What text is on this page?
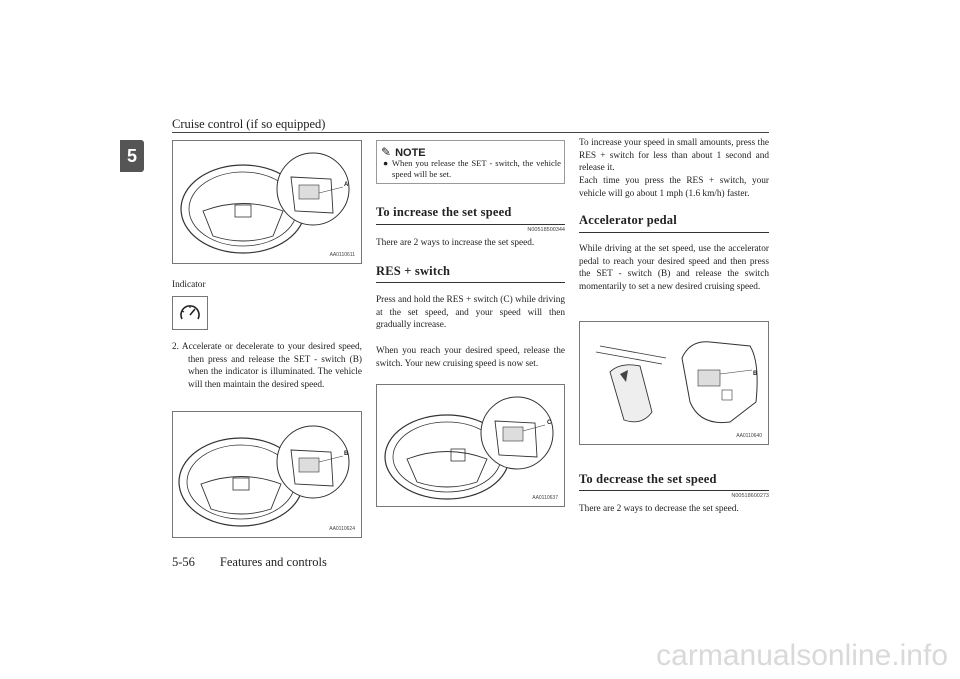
Cruise control (if so equipped)
5
A
AA0110611
Indicator
2. Accelerate or decelerate to your desired speed, then press and release the SET - switch (B) when the indicator is illuminated. The vehicle will then maintain the desired speed.
B
AA0110624
✎ NOTE
● When you release the SET - switch, the vehicle speed will be set.
To increase the set speed
N00518500344
There are 2 ways to increase the set speed.
RES + switch
Press and hold the RES + switch (C) while driving at the set speed, and your speed will then gradually increase.
When you reach your desired speed, release the switch. Your new cruising speed is now set.
C
AA0110637
To increase your speed in small amounts, press the RES + switch for less than about 1 second and release it.
Each time you press the RES + switch, your vehicle will go about 1 mph (1.6 km/h) faster.
Accelerator pedal
While driving at the set speed, use the accelerator pedal to reach your desired speed and then press the SET - switch (B) and release the switch momentarily to set a new desired cruising speed.
B
AA0110640
To decrease the set speed
N00518600273
There are 2 ways to decrease the set speed.
5-56  Features and controls
carmanualsonline.info
